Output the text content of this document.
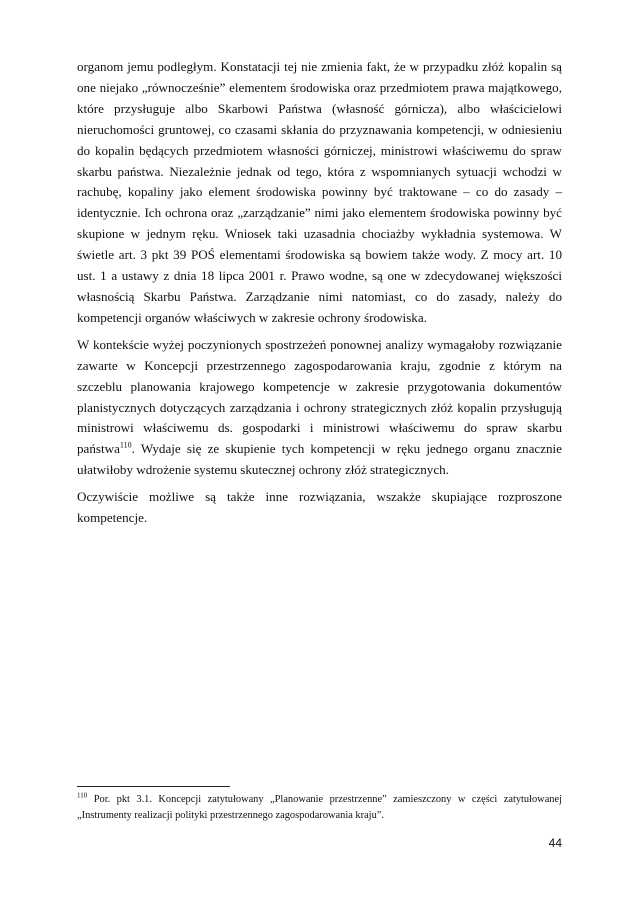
organom jemu podległym. Konstatacji tej nie zmienia fakt, że w przypadku złóż kopalin są one niejako „równocześnie” elementem środowiska oraz przedmiotem prawa majątkowego, które przysługuje albo Skarbowi Państwa (własność górnicza), albo właścicielowi nieruchomości gruntowej, co czasami skłania do przyznawania kompetencji, w odniesieniu do kopalin będących przedmiotem własności górniczej, ministrowi właściwemu do spraw skarbu państwa. Niezależnie jednak od tego, która z wspomnianych sytuacji wchodzi w rachubę, kopaliny jako element środowiska powinny być traktowane – co do zasady – identycznie. Ich ochrona oraz „zarządzanie” nimi jako elementem środowiska powinny być skupione w jednym ręku. Wniosek taki uzasadnia chociażby wykładnia systemowa. W świetle art. 3 pkt 39 POŚ elementami środowiska są bowiem także wody. Z mocy art. 10 ust. 1 a ustawy z dnia 18 lipca 2001 r. Prawo wodne, są one w zdecydowanej większości własnością Skarbu Państwa. Zarządzanie nimi natomiast, co do zasady, należy do kompetencji organów właściwych w zakresie ochrony środowiska.

W kontekście wyżej poczynionych spostrzeżeń ponownej analizy wymagałoby rozwiązanie zawarte w Koncepcji przestrzennego zagospodarowania kraju, zgodnie z którym na szczeblu planowania krajowego kompetencje w zakresie przygotowania dokumentów planistycznych dotyczących zarządzania i ochrony strategicznych złóż kopalin przysługują ministrowi właściwemu ds. gospodarki i ministrowi właściwemu do spraw skarbu państwa$^{110}$. Wydaje się ze skupienie tych kompetencji w ręku jednego organu znacznie ułatwiłoby wdrożenie systemu skutecznej ochrony złóż strategicznych.

Oczywiście możliwe są także inne rozwiązania, wszakże skupiające rozproszone kompetencje.

$^{110}$ Por. pkt 3.1. Koncepcji zatytułowany „Planowanie przestrzenne” zamieszczony w części zatytułowanej „Instrumenty realizacji polityki przestrzennego zagospodarowania kraju”.

44
